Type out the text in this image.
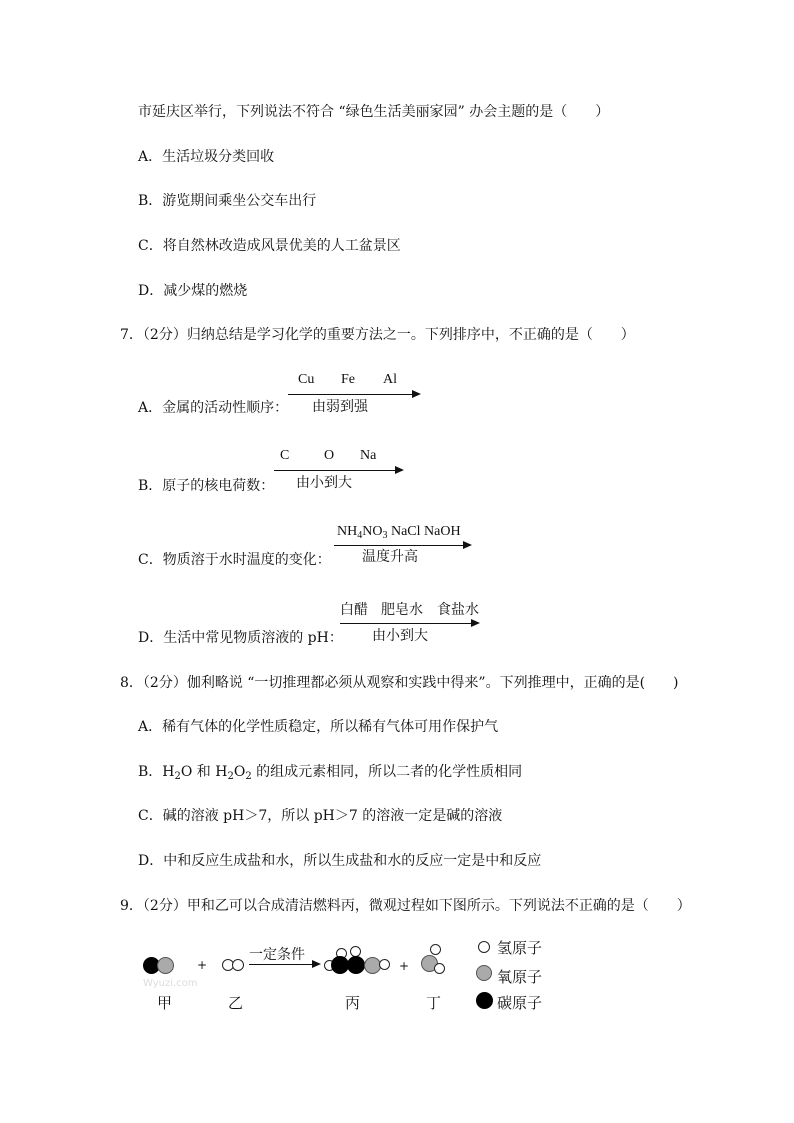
市延庆区举行，下列说法不符合 “绿色生活美丽家园” 办会主题的是（　　）
A．生活垃圾分类回收
B．游览期间乘坐公交车出行
C．将自然林改造成风景优美的人工盆景区
D．减少煤的燃烧
7．（2分）归纳总结是学习化学的重要方法之一。下列排序中，不正确的是（　　）
A．金属的活动性顺序：
Cu Fe Al
由弱到强
B．原子的核电荷数：
C O Na
由小到大
C．物质溶于水时温度的变化：
NH4NO3 NaCl NaOH
温度升高
D．生活中常见物质溶液的 pH：
白醋 肥皂水 食盐水
由小到大
8．（2分）伽利略说 “一切推理都必须从观察和实践中得来”。下列推理中，正确的是(　　)
A．稀有气体的化学性质稳定，所以稀有气体可用作保护气
B．$H_2O$ 和 $H_2O_2$ 的组成元素相同，所以二者的化学性质相同
C．碱的溶液 pH＞7，所以 pH＞7 的溶液一定是碱的溶液
D．中和反应生成盐和水，所以生成盐和水的反应一定是中和反应
9．（2分）甲和乙可以合成清洁燃料丙，微观过程如下图所示。下列说法不正确的是（　　）
+
一定条件
+
甲	乙	丙	丁
氢原子
氧原子
碳原子
Wyuzi.com
